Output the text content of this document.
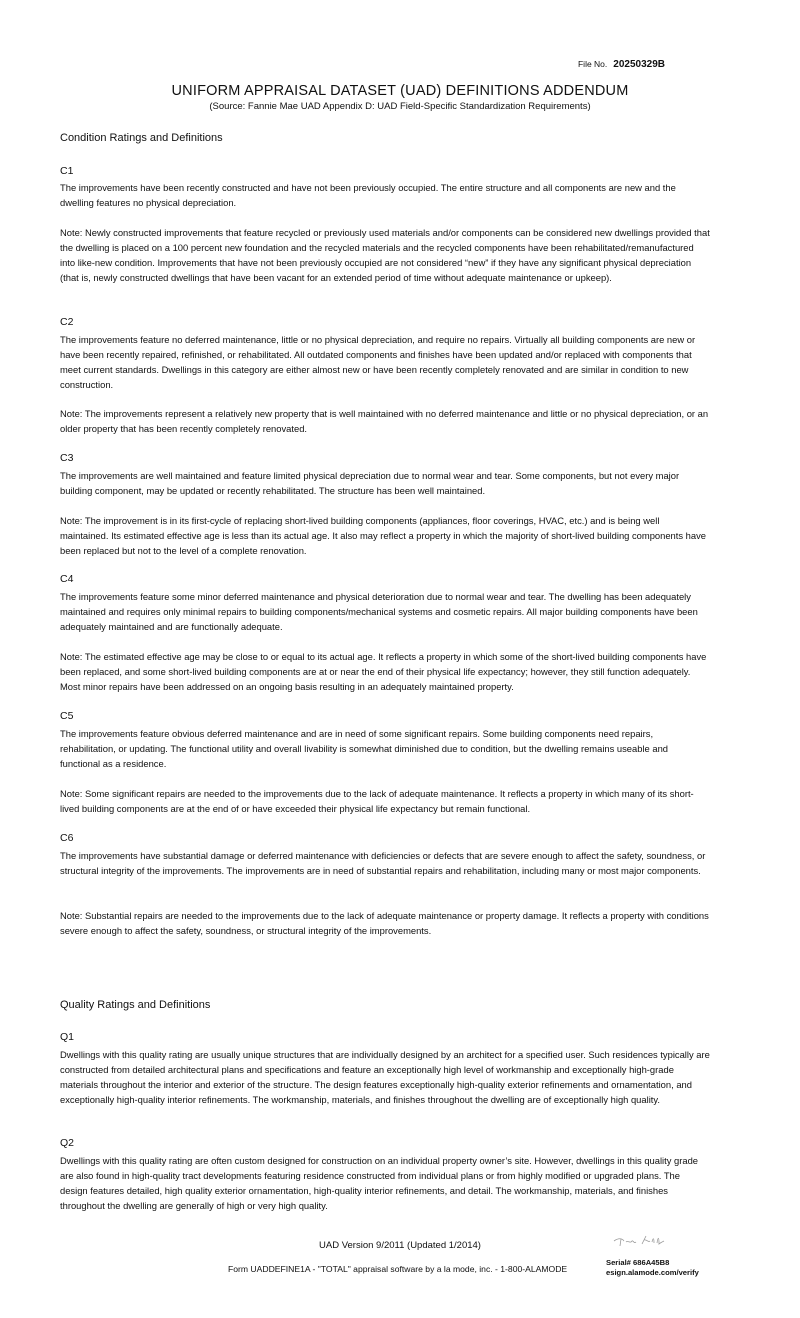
File No. 20250329B
UNIFORM APPRAISAL DATASET (UAD) DEFINITIONS ADDENDUM
(Source: Fannie Mae UAD Appendix D: UAD Field-Specific Standardization Requirements)
Condition Ratings and Definitions
C1
The improvements have been recently constructed and have not been previously occupied. The entire structure and all components are new and the dwelling features no physical depreciation.
Note: Newly constructed improvements that feature recycled or previously used materials and/or components can be considered new dwellings provided that the dwelling is placed on a 100 percent new foundation and the recycled materials and the recycled components have been rehabilitated/remanufactured into like-new condition. Improvements that have not been previously occupied are not considered “new” if they have any significant physical depreciation (that is, newly constructed dwellings that have been vacant for an extended period of time without adequate maintenance or upkeep).
C2
The improvements feature no deferred maintenance, little or no physical depreciation, and require no repairs. Virtually all building components are new or have been recently repaired, refinished, or rehabilitated. All outdated components and finishes have been updated and/or replaced with components that meet current standards. Dwellings in this category are either almost new or have been recently completely renovated and are similar in condition to new construction.
Note: The improvements represent a relatively new property that is well maintained with no deferred maintenance and little or no physical depreciation, or an older property that has been recently completely renovated.
C3
The improvements are well maintained and feature limited physical depreciation due to normal wear and tear. Some components, but not every major building component, may be updated or recently rehabilitated. The structure has been well maintained.
Note: The improvement is in its first-cycle of replacing short-lived building components (appliances, floor coverings, HVAC, etc.) and is being well maintained. Its estimated effective age is less than its actual age. It also may reflect a property in which the majority of short-lived building components have been replaced but not to the level of a complete renovation.
C4
The improvements feature some minor deferred maintenance and physical deterioration due to normal wear and tear. The dwelling has been adequately maintained and requires only minimal repairs to building components/mechanical systems and cosmetic repairs. All major building components have been adequately maintained and are functionally adequate.
Note: The estimated effective age may be close to or equal to its actual age. It reflects a property in which some of the short-lived building components have been replaced, and some short-lived building components are at or near the end of their physical life expectancy; however, they still function adequately. Most minor repairs have been addressed on an ongoing basis resulting in an adequately maintained property.
C5
The improvements feature obvious deferred maintenance and are in need of some significant repairs. Some building components need repairs, rehabilitation, or updating. The functional utility and overall livability is somewhat diminished due to condition, but the dwelling remains useable and functional as a residence.
Note: Some significant repairs are needed to the improvements due to the lack of adequate maintenance. It reflects a property in which many of its short-lived building components are at the end of or have exceeded their physical life expectancy but remain functional.
C6
The improvements have substantial damage or deferred maintenance with deficiencies or defects that are severe enough to affect the safety, soundness, or structural integrity of the improvements. The improvements are in need of substantial repairs and rehabilitation, including many or most major components.
Note: Substantial repairs are needed to the improvements due to the lack of adequate maintenance or property damage. It reflects a property with conditions severe enough to affect the safety, soundness, or structural integrity of the improvements.
Quality Ratings and Definitions
Q1
Dwellings with this quality rating are usually unique structures that are individually designed by an architect for a specified user. Such residences typically are constructed from detailed architectural plans and specifications and feature an exceptionally high level of workmanship and exceptionally high-grade materials throughout the interior and exterior of the structure. The design features exceptionally high-quality exterior refinements and ornamentation, and exceptionally high-quality interior refinements. The workmanship, materials, and finishes throughout the dwelling are of exceptionally high quality.
Q2
Dwellings with this quality rating are often custom designed for construction on an individual property owner’s site. However, dwellings in this quality grade are also found in high-quality tract developments featuring residence constructed from individual plans or from highly modified or upgraded plans. The design features detailed, high quality exterior ornamentation, high-quality interior refinements, and detail. The workmanship, materials, and finishes throughout the dwelling are generally of high or very high quality.
UAD Version 9/2011 (Updated 1/2014)
Form UADDEFINE1A - "TOTAL" appraisal software by a la mode, inc. - 1-800-ALAMODE
Serial# 686A45B8
esign.alamode.com/verify
